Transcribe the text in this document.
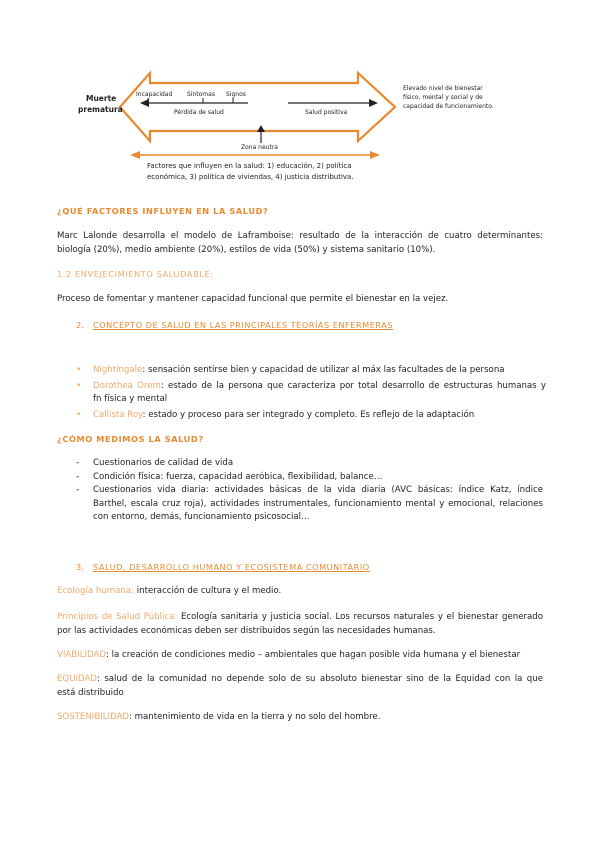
Muerte
prematura
Incapacidad Síntomas Signos
Pérdida de salud	Salud positiva
Elevado nivel de bienestar
físico, mental y social y de
capacidad de funcionamiento.
Zona neutra
Factores que influyen en la salud: 1) educación, 2) política
económica, 3) política de viviendas, 4) justicia distributiva.
¿QUÉ FACTORES INFLUYEN EN LA SALUD?
Marc Lalonde desarrolla el modelo de Laframboise: resultado de la interacción de cuatro determinantes:
biología (20%), medio ambiente (20%), estilos de vida (50%) y sistema sanitario (10%).
1.2 ENVEJECIMIENTO SALUDABLE:
Proceso de fomentar y mantener capacidad funcional que permite el bienestar en la vejez.
2. CONCEPTO DE SALUD EN LAS PRINCIPALES TEORÍAS ENFERMERAS
• Nightingale: sensación sentirse bien y capacidad de utilizar al máx las facultades de la persona
• Dorothea Orem: estado de la persona que caracteriza por total desarrollo de estructuras humanas y
fn física y mental
• Callista Roy: estado y proceso para ser integrado y completo. Es reflejo de la adaptación
¿CÓMO MEDIMOS LA SALUD?
- Cuestionarios de calidad de vida
- Condición física: fuerza, capacidad aeróbica, flexibilidad, balance…
- Cuestionarios vida diaria: actividades básicas de la vida diaria (AVC básicas: índice Katz, índice
Barthel, escala cruz roja), actividades instrumentales, funcionamiento mental y emocional, relaciones
con entorno, demás, funcionamiento psicosocial…
3. SALUD, DESARROLLO HUMANO Y ECOSISTEMA COMUNITARIO
Ecología humana: interacción de cultura y el medio.
Principios de Salud Pública: Ecología sanitaria y justicia social. Los recursos naturales y el bienestar generado
por las actividades económicas deben ser distribuidos según las necesidades humanas.
VIABILIDAD: la creación de condiciones medio – ambientales que hagan posible vida humana y el bienestar
EQUIDAD: salud de la comunidad no depende solo de su absoluto bienestar sino de la Equidad con la que
está distribuido
SOSTENIBILIDAD: mantenimiento de vida en la tierra y no solo del hombre.
